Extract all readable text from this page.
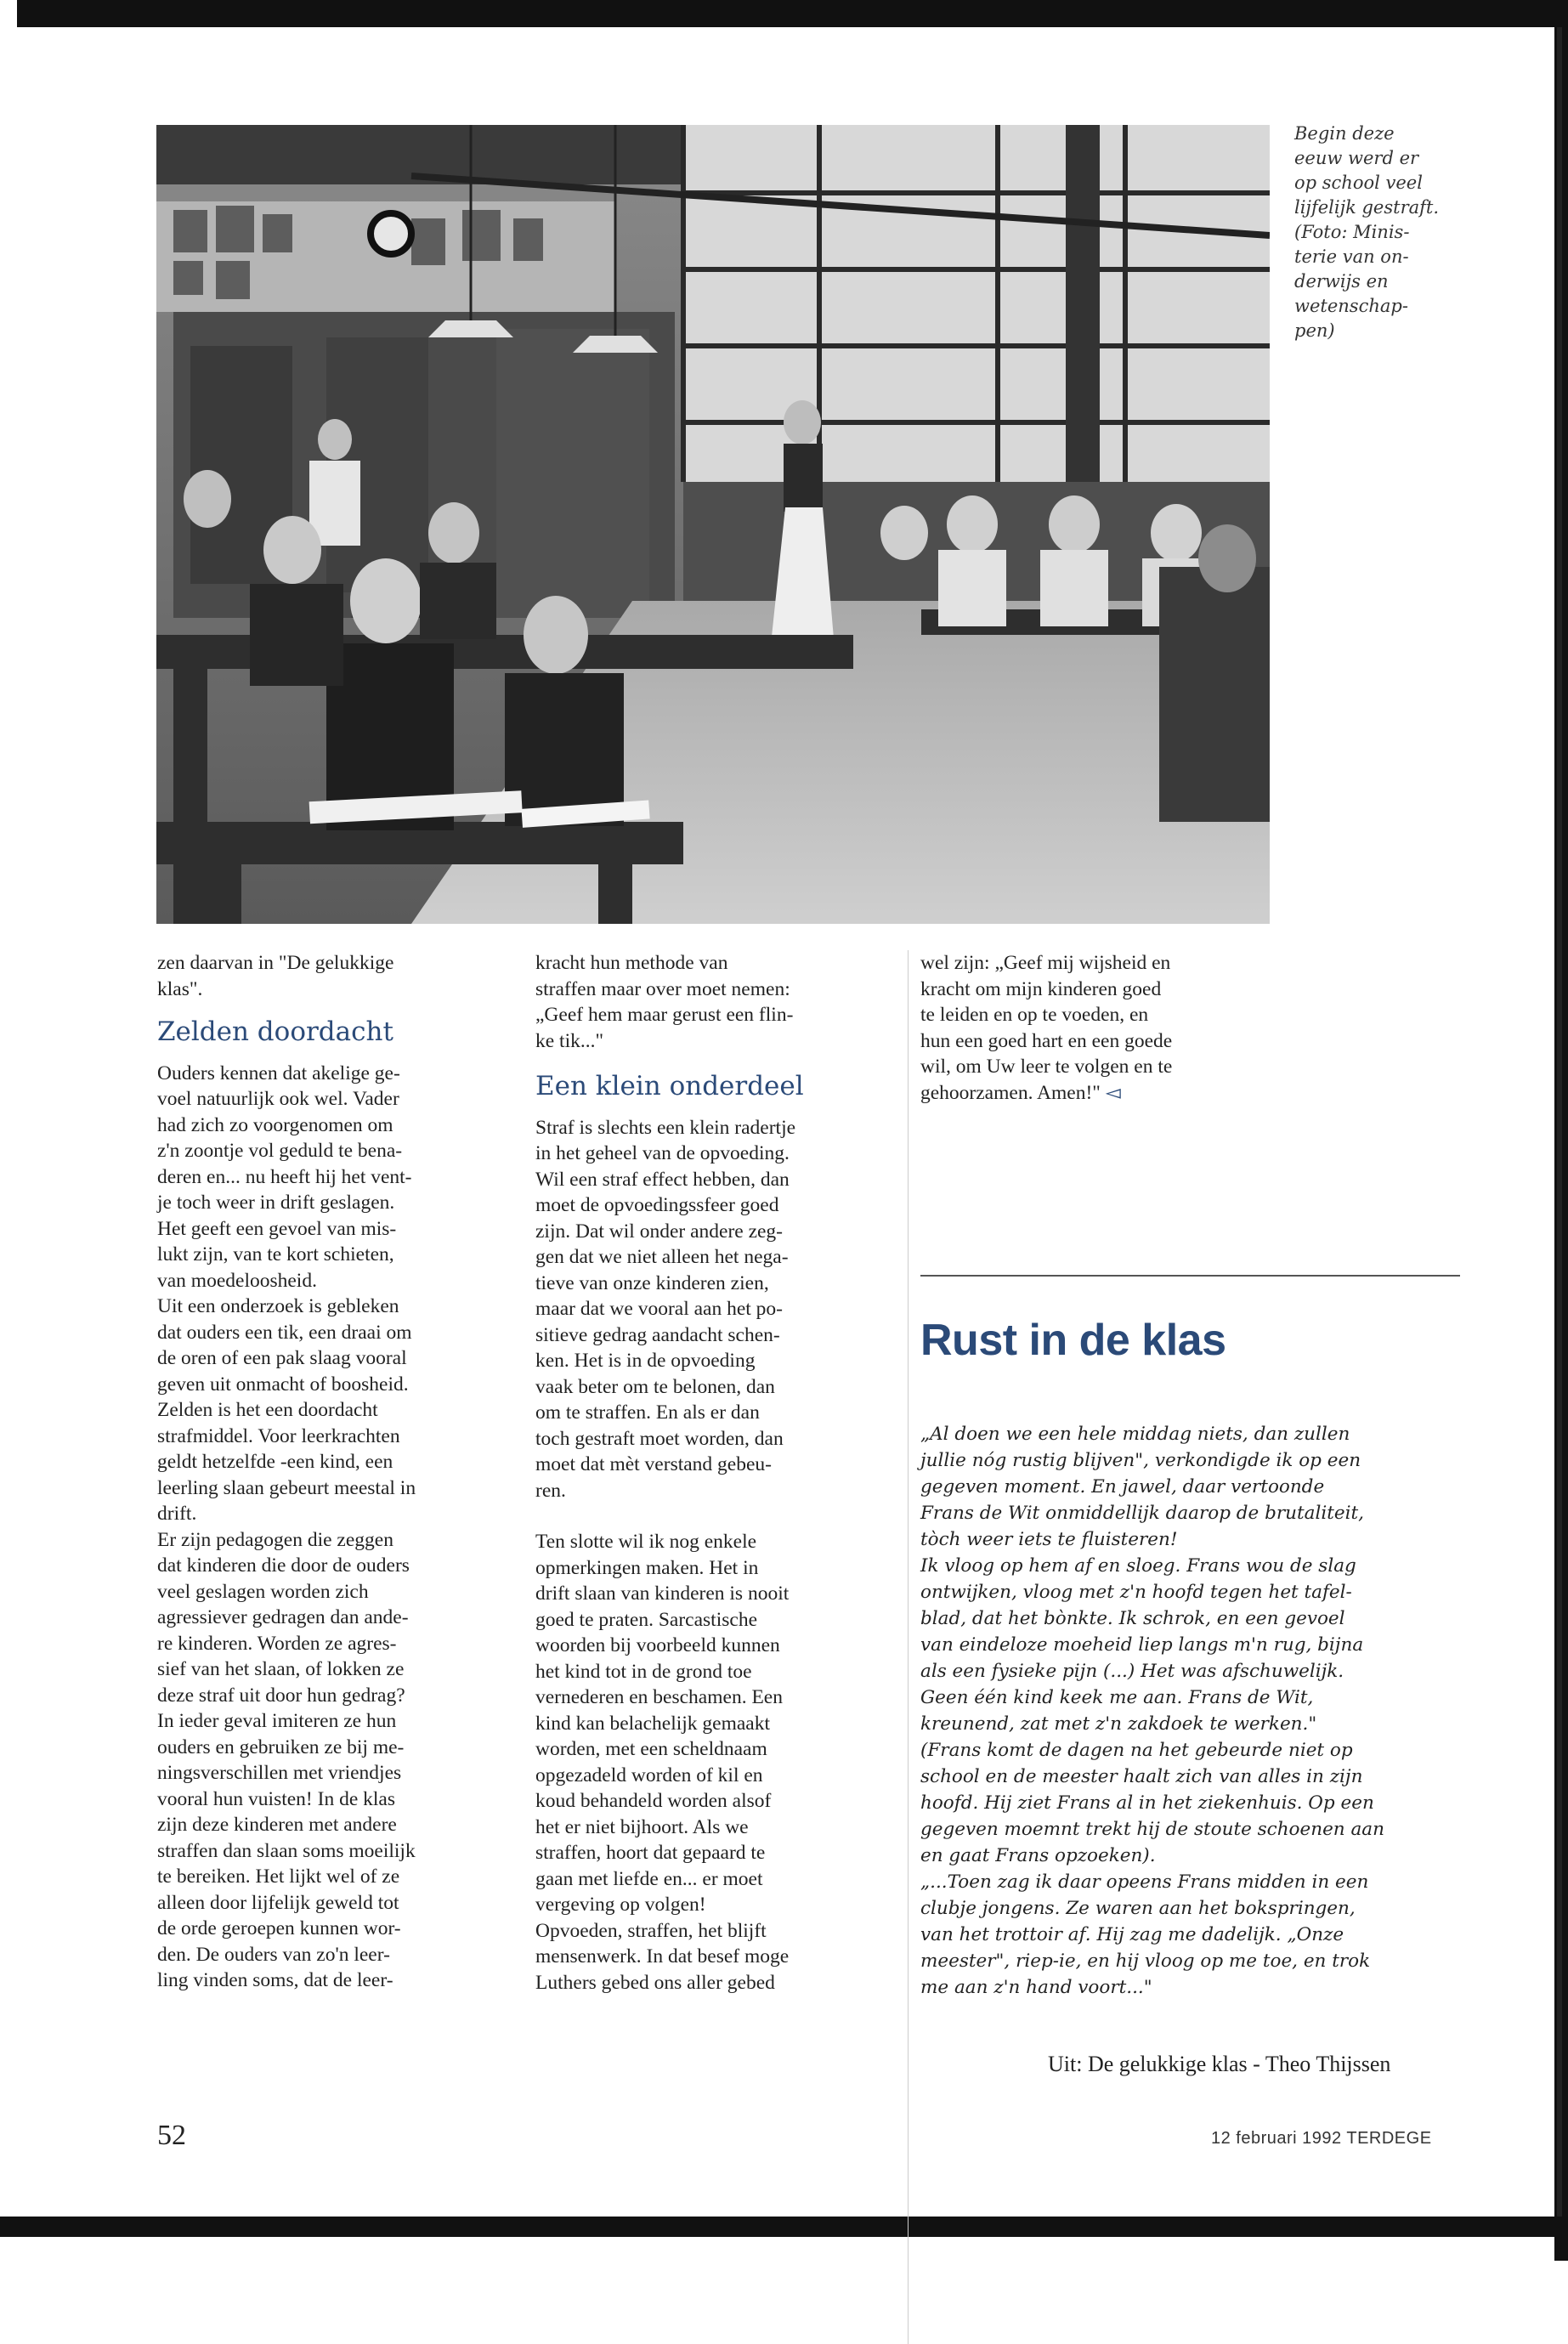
Begin deze
eeuw werd er
op school veel
lijfelijk gestraft.
(Foto: Minis-
terie van on-
derwijs en
wetenschap-
pen)

zen daarvan in "De gelukkige
klas".

Zelden doordacht

Ouders kennen dat akelige ge-
voel natuurlijk ook wel. Vader
had zich zo voorgenomen om
z'n zoontje vol geduld te bena-
deren en... nu heeft hij het vent-
je toch weer in drift geslagen.
Het geeft een gevoel van mis-
lukt zijn, van te kort schieten,
van moedeloosheid.

Uit een onderzoek is gebleken
dat ouders een tik, een draai om
de oren of een pak slaag vooral
geven uit onmacht of boosheid.
Zelden is het een doordacht
strafmiddel. Voor leerkrachten
geldt hetzelfde -een kind, een
leerling slaan gebeurt meestal in
drift.

Er zijn pedagogen die zeggen
dat kinderen die door de ouders
veel geslagen worden zich
agressiever gedragen dan ande-
re kinderen. Worden ze agres-
sief van het slaan, of lokken ze
deze straf uit door hun gedrag?
In ieder geval imiteren ze hun
ouders en gebruiken ze bij me-
ningsverschillen met vriendjes
vooral hun vuisten! In de klas
zijn deze kinderen met andere
straffen dan slaan soms moeilijk
te bereiken. Het lijkt wel of ze
alleen door lijfelijk geweld tot
de orde geroepen kunnen wor-
den. De ouders van zo'n leer-
ling vinden soms, dat de leer-

kracht hun methode van
straffen maar over moet nemen:
„Geef hem maar gerust een flin-
ke tik..."

Een klein onderdeel

Straf is slechts een klein radertje
in het geheel van de opvoeding.
Wil een straf effect hebben, dan
moet de opvoedingssfeer goed
zijn. Dat wil onder andere zeg-
gen dat we niet alleen het nega-
tieve van onze kinderen zien,
maar dat we vooral aan het po-
sitieve gedrag aandacht schen-
ken. Het is in de opvoeding
vaak beter om te belonen, dan
om te straffen. En als er dan
toch gestraft moet worden, dan
moet dat mèt verstand gebeu-
ren.

Ten slotte wil ik nog enkele
opmerkingen maken. Het in
drift slaan van kinderen is nooit
goed te praten. Sarcastische
woorden bij voorbeeld kunnen
het kind tot in de grond toe
vernederen en beschamen. Een
kind kan belachelijk gemaakt
worden, met een scheldnaam
opgezadeld worden of kil en
koud behandeld worden alsof
het er niet bijhoort. Als we
straffen, hoort dat gepaard te
gaan met liefde en... er moet
vergeving op volgen!

Opvoeden, straffen, het blijft
mensenwerk. In dat besef moge
Luthers gebed ons aller gebed

wel zijn: „Geef mij wijsheid en
kracht om mijn kinderen goed
te leiden en op te voeden, en
hun een goed hart en een goede
wil, om Uw leer te volgen en te
gehoorzamen. Amen!" ◅

Rust in de klas
„Al doen we een hele middag niets, dan zullen
jullie nóg rustig blijven", verkondigde ik op een
gegeven moment. En jawel, daar vertoonde
Frans de Wit onmiddellijk daarop de brutaliteit,
tòch weer iets te fluisteren!
Ik vloog op hem af en sloeg. Frans wou de slag
ontwijken, vloog met z'n hoofd tegen het tafel-
blad, dat het bònkte. Ik schrok, en een gevoel
van eindeloze moeheid liep langs m'n rug, bijna
als een fysieke pijn (...) Het was afschuwelijk.
Geen één kind keek me aan. Frans de Wit,
kreunend, zat met z'n zakdoek te werken."
(Frans komt de dagen na het gebeurde niet op
school en de meester haalt zich van alles in zijn
hoofd. Hij ziet Frans al in het ziekenhuis. Op een
gegeven moemnt trekt hij de stoute schoenen aan
en gaat Frans opzoeken).
„...Toen zag ik daar opeens Frans midden in een
clubje jongens. Ze waren aan het bokspringen,
van het trottoir af. Hij zag me dadelijk. „Onze
meester", riep-ie, en hij vloog op me toe, en trok
me aan z'n hand voort..."
Uit: De gelukkige klas - Theo Thijssen
52	12 februari 1992 TERDEGE
